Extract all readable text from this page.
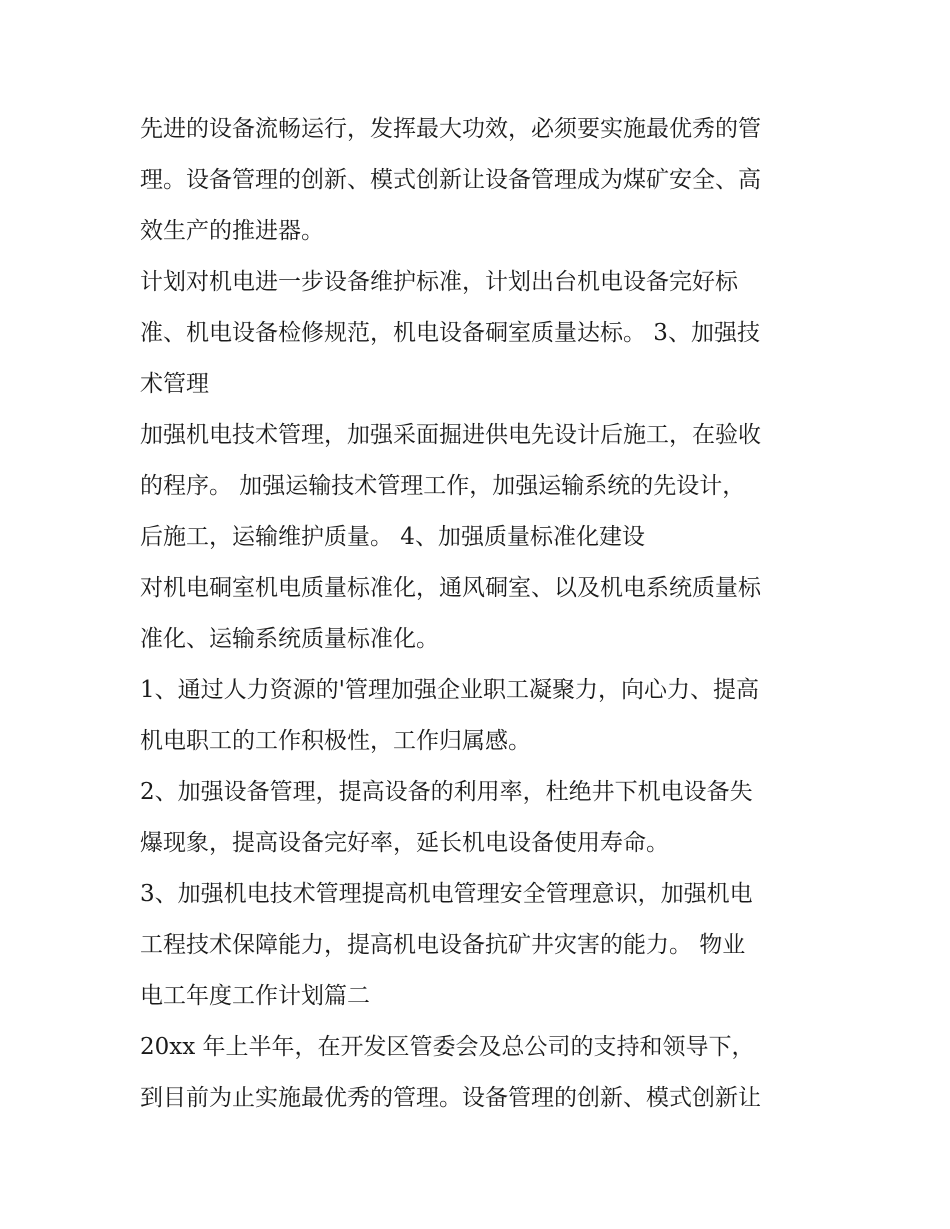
先进的设备流畅运行，发挥最大功效，必须要实施最优秀的管
理。设备管理的创新、模式创新让设备管理成为煤矿安全、高
效生产的推进器。
计划对机电进一步设备维护标准，计划出台机电设备完好标
准、机电设备检修规范，机电设备硐室质量达标。 3、加强技
术管理
加强机电技术管理，加强采面掘进供电先设计后施工，在验收
的程序。 加强运输技术管理工作，加强运输系统的先设计，
后施工，运输维护质量。 4、加强质量标准化建设
对机电硐室机电质量标准化，通风硐室、以及机电系统质量标
准化、运输系统质量标准化。
1、通过人力资源的'管理加强企业职工凝聚力，向心力、提高
机电职工的工作积极性，工作归属感。
2、加强设备管理，提高设备的利用率，杜绝井下机电设备失
爆现象，提高设备完好率，延长机电设备使用寿命。
3、加强机电技术管理提高机电管理安全管理意识，加强机电
工程技术保障能力，提高机电设备抗矿井灾害的能力。 物业
电工年度工作计划篇二
20xx 年上半年，在开发区管委会及总公司的支持和领导下，
到目前为止实施最优秀的管理。设备管理的创新、模式创新让
